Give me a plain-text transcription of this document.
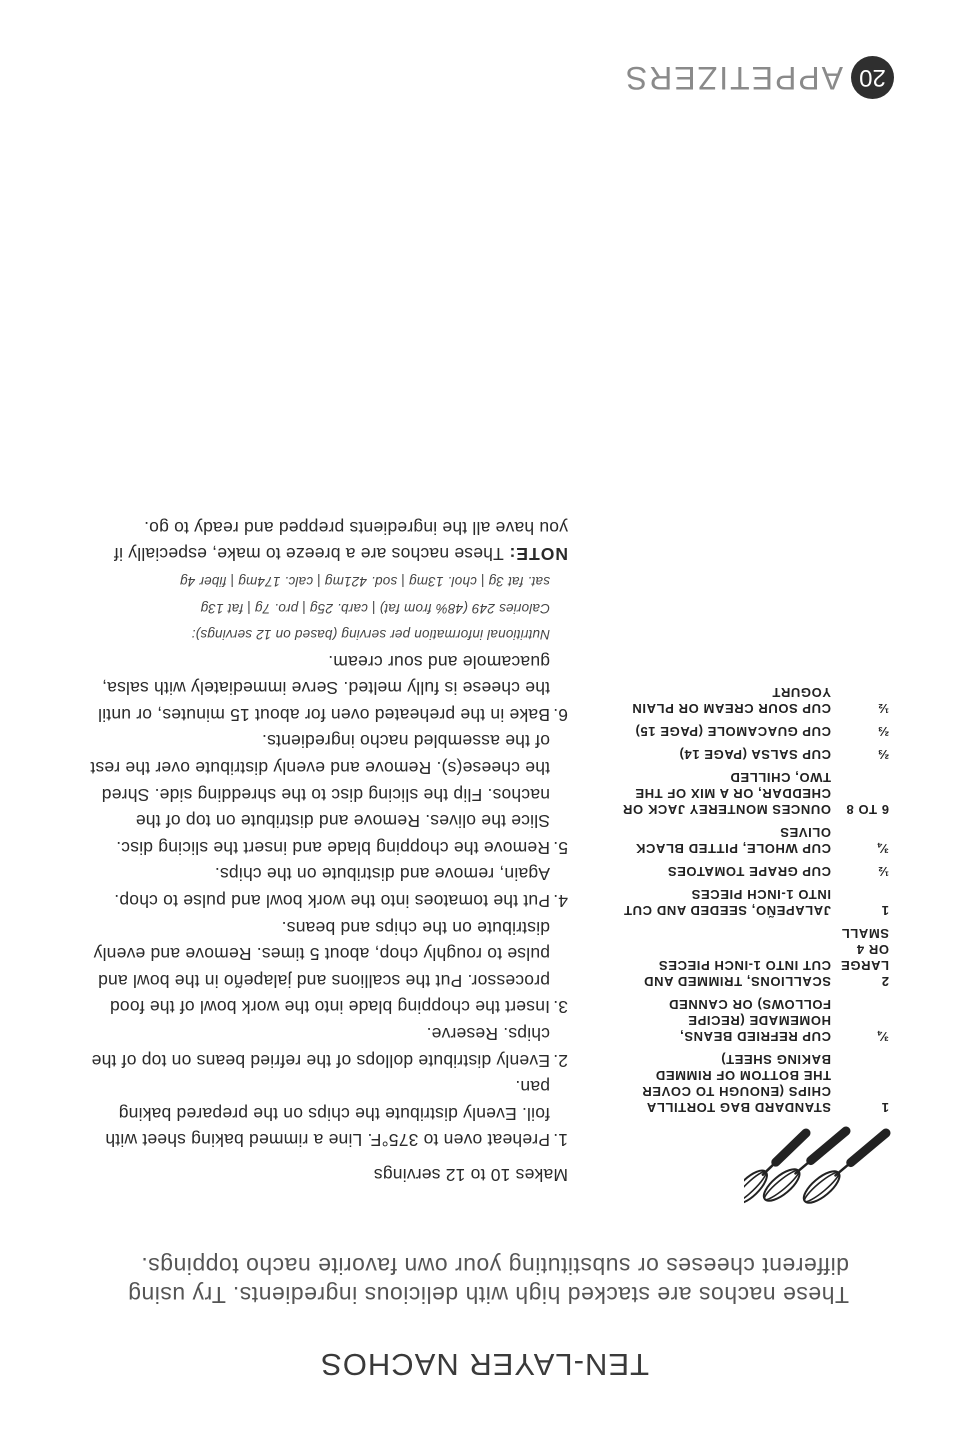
TEN-LAYER NACHOS

These nachos are stacked high with delicious ingredients. Try using different cheeses or substituting your own favorite nacho toppings.

1
STANDARD BAG TORTILLA CHIPS (ENOUGH TO COVER THE BOTTOM OF RIMMED BAKING SHEET)
¾
CUP REFRIED BEANS, HOMEMADE (RECIPE FOLLOWS) OR CANNED
2 LARGE OR 4 SMALL
SCALLIONS, TRIMMED AND CUT INTO 1-INCH PIECES
1
JALAPEÑO, SEEDED AND CUT INTO 1-INCH PIECES
½
CUP GRAPE TOMATOES
¾
CUP WHOLE, PITTED BLACK OLIVES
6 TO 8
OUNCES MONTEREY JACK OR CHEDDAR, OR A MIX OF THE TWO, CHILLED
⅔
CUP SALSA (PAGE 14)
⅔
CUP GUACAMOLE (PAGE 15)
½
CUP SOUR CREAM OR PLAIN YOGURT

Makes 10 to 12 servings

1.
Preheat oven to 375°F. Line a rimmed baking sheet with foil. Evenly distribute the chips on the prepared baking pan.
2.
Evenly distribute dollops of the refried beans on top of the chips. Reserve.
3.
Insert the chopping blade into the work bowl of the food processor. Put the scallions and jalapeño in the bowl and pulse to roughly chop, about 5 times. Remove and evenly distribute on the chips and beans.
4.
Put the tomatoes into the work bowl and pulse to chop. Again, remove and distribute on the chips.
5.
Remove the chopping blade and insert the slicing disc. Slice the olives. Remove and distribute on top of the nachos. Flip the slicing disc to the shredding side. Shred the cheese(s). Remove and evenly distribute over the rest of the assembled nacho ingredients.
6.
Bake in the preheated oven for about 15 minutes, or until the cheese is fully melted. Serve immediately with salsa, guacamole and sour cream.
Nutritional information per serving (based on 12 servings):
Calories 249 (48% from fat) | carb. 25g | pro. 7g | fat 13g
sat. fat 3g | chol. 13mg | sod. 421mg | calc. 174mg | fiber 4g

NOTE: These nachos are a breeze to make, especially if you have all the ingredients prepped and ready to go.

20
APPETIZERS
